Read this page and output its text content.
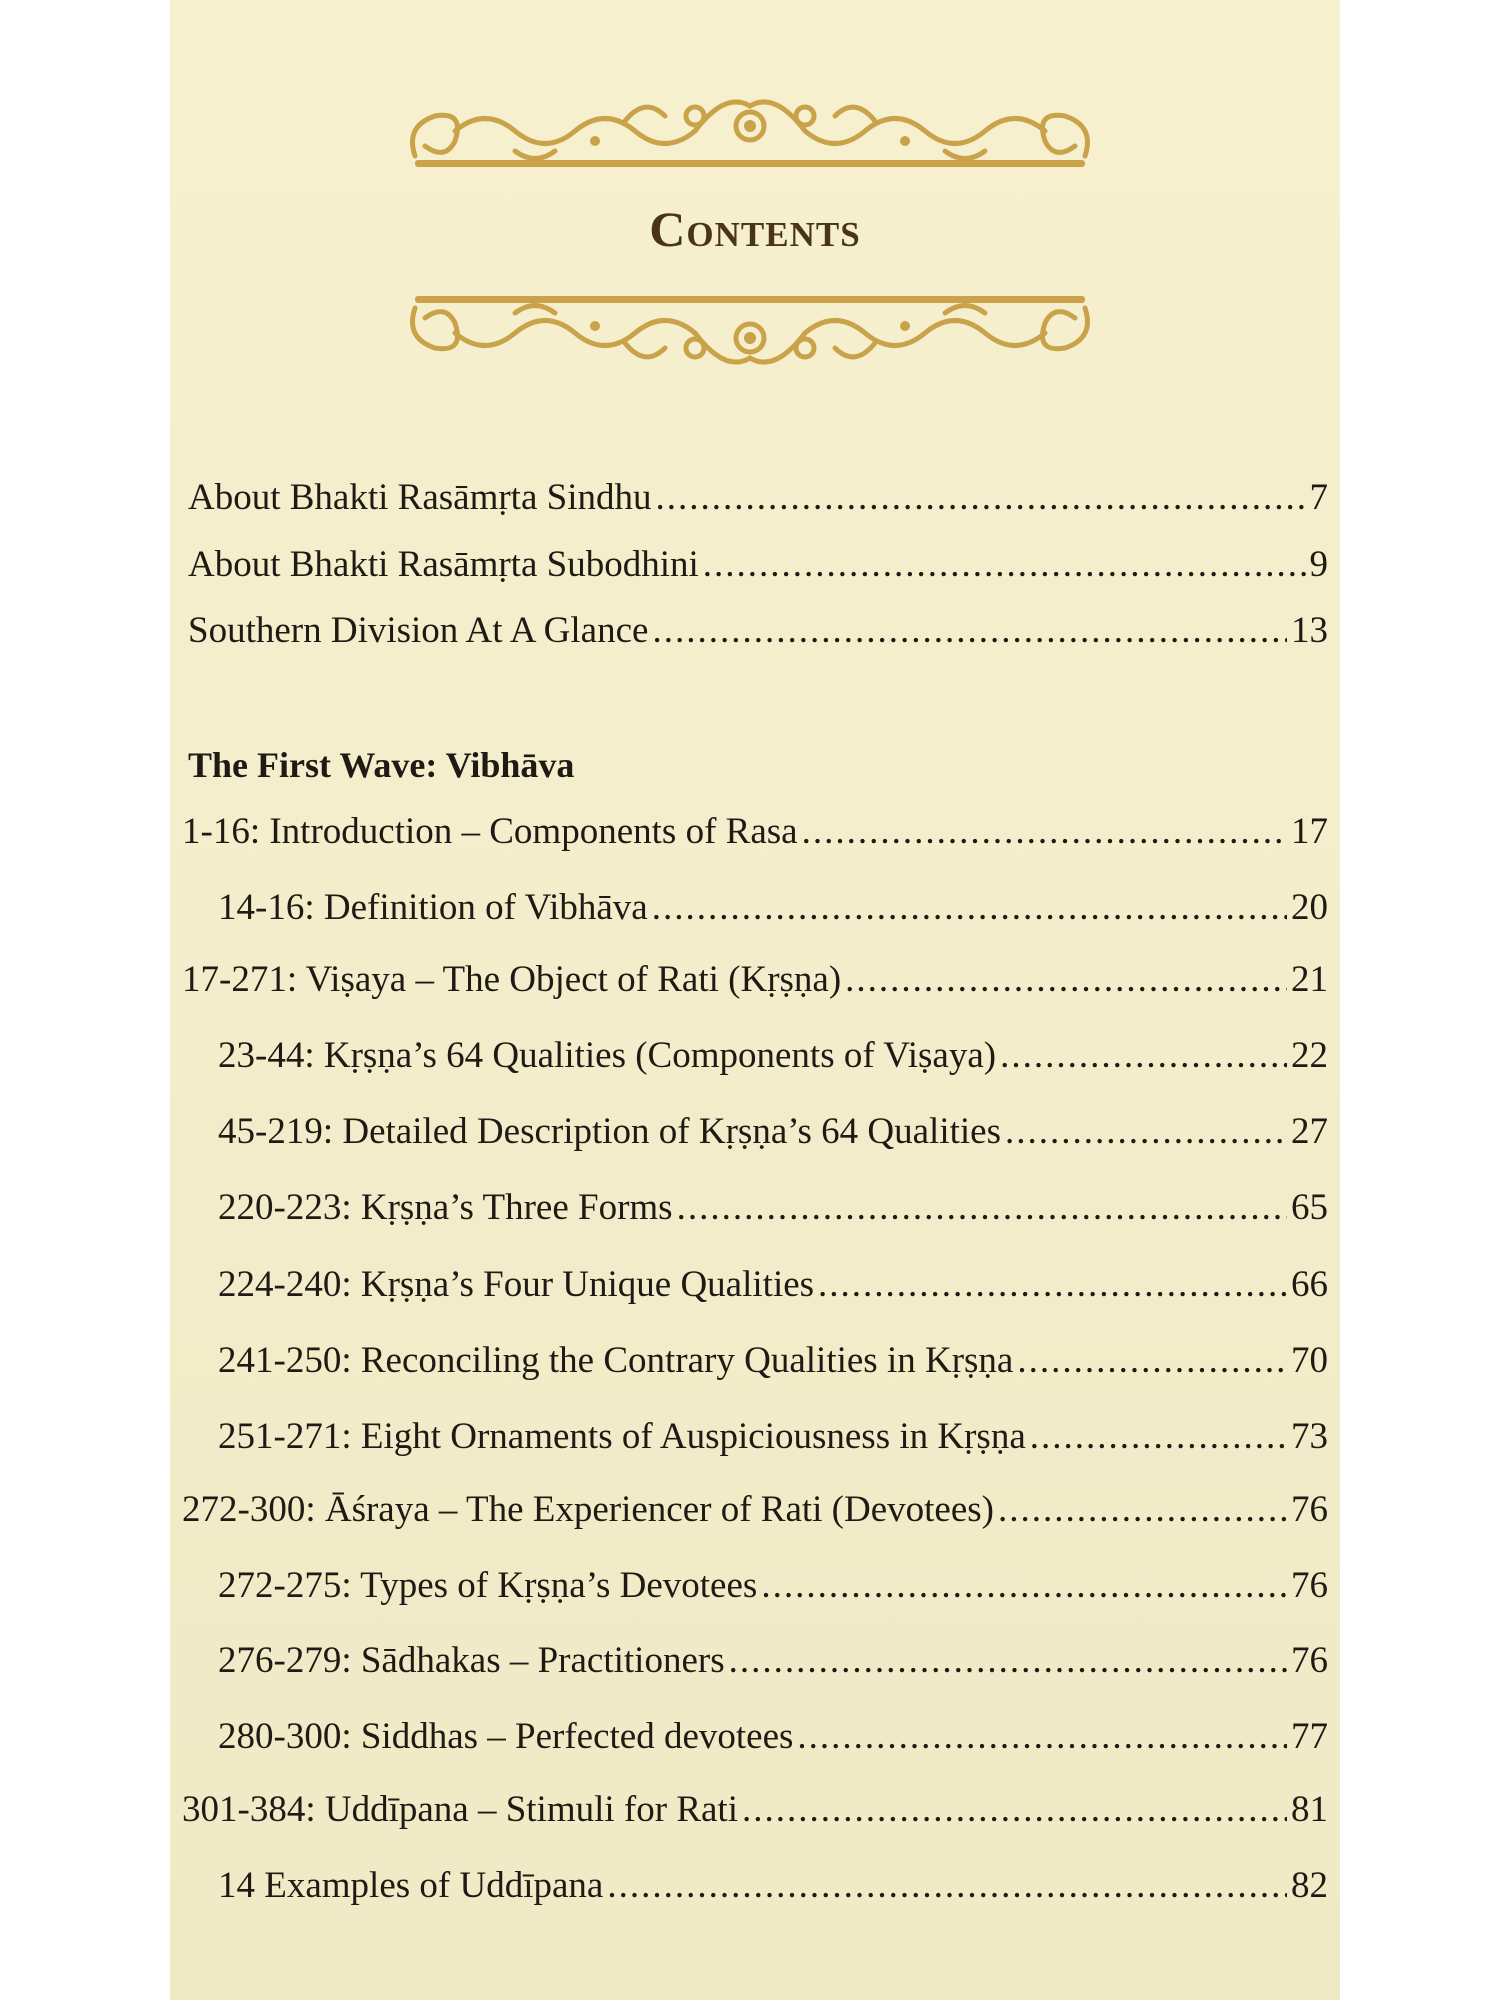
Contents
About Bhakti Rasāmṛta Sindhu .....	7
About Bhakti Rasāmṛta Subodhini .....	9
Southern Division At A Glance .....	13
The First Wave: Vibhāva
1-16: Introduction – Components of Rasa .....	17
14-16: Definition of Vibhāva .....	20
17-271: Viṣaya – The Object of Rati (Kṛṣṇa) .....	21
23-44: Kṛṣṇa’s 64 Qualities (Components of Viṣaya) .....	22
45-219: Detailed Description of Kṛṣṇa’s 64 Qualities .....	27
220-223: Kṛṣṇa’s Three Forms .....	65
224-240: Kṛṣṇa’s Four Unique Qualities .....	66
241-250: Reconciling the Contrary Qualities in Kṛṣṇa .....	70
251-271: Eight Ornaments of Auspiciousness in Kṛṣṇa .....	73
272-300: Āśraya – The Experiencer of Rati (Devotees) .....	76
272-275: Types of Kṛṣṇa’s Devotees .....	76
276-279: Sādhakas – Practitioners .....	76
280-300: Siddhas – Perfected devotees .....	77
301-384: Uddīpana – Stimuli for Rati .....	81
14 Examples of Uddīpana .....	82
